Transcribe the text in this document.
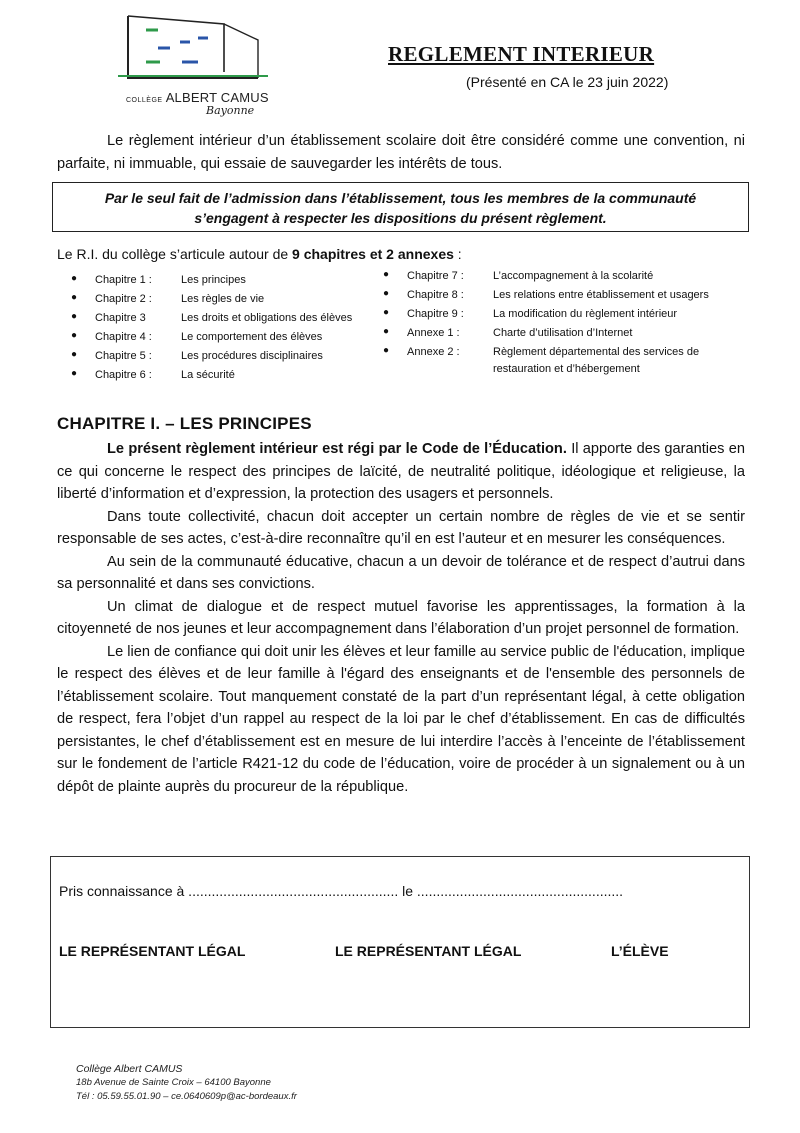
COLLÈGE ALBERT CAMUS
Bayonne
REGLEMENT INTERIEUR
(Présenté en CA le 23 juin 2022)
Le règlement intérieur d’un établissement scolaire doit être considéré comme une convention, ni parfaite, ni immuable, qui essaie de sauvegarder les intérêts de tous.
Par le seul fait de l’admission dans l’établissement, tous les membres de la communauté
s’engagent à respecter les dispositions du présent règlement.
Le R.I. du collège s’articule autour de 9 chapitres et 2 annexes :
● Chapitre 1 :	Les principes
● Chapitre 2 :	Les règles de vie
● Chapitre 3	Les droits et obligations des élèves
● Chapitre 4 :	Le comportement des élèves
● Chapitre 5 :	Les procédures disciplinaires
● Chapitre 6 :	La sécurité
● Chapitre 7 :	L’accompagnement à la scolarité
● Chapitre 8 :	Les relations entre établissement et usagers
● Chapitre 9 :	La modification du règlement intérieur
● Annexe 1 :	Charte d’utilisation d’Internet
● Annexe 2 :	Règlement départemental des services de
restauration et d’hébergement
CHAPITRE I. – LES PRINCIPES

Le présent règlement intérieur est régi par le Code de l’Éducation. Il apporte des garanties en ce qui concerne le respect des principes de laïcité, de neutralité politique, idéologique et religieuse, la liberté d’information et d’expression, la protection des usagers et personnels.

Dans toute collectivité, chacun doit accepter un certain nombre de règles de vie et se sentir responsable de ses actes, c’est-à-dire reconnaître qu’il en est l’auteur et en mesurer les conséquences.

Au sein de la communauté éducative, chacun a un devoir de tolérance et de respect d’autrui dans sa personnalité et dans ses convictions.

Un climat de dialogue et de respect mutuel favorise les apprentissages, la formation à la citoyenneté de nos jeunes et leur accompagnement dans l’élaboration d’un projet personnel de formation.

Le lien de confiance qui doit unir les élèves et leur famille au service public de l'éducation, implique le respect des élèves et de leur famille à l'égard des enseignants et de l'ensemble des personnels de l’établissement scolaire. Tout manquement constaté de la part d’un représentant légal, à cette obligation de respect, fera l’objet d’un rappel au respect de la loi par le chef d’établissement. En cas de difficultés persistantes, le chef d’établissement est en mesure de lui interdire l’accès à l’enceinte de l’établissement sur le fondement de l’article R421-12 du code de l’éducation, voire de procéder à un signalement ou à un dépôt de plainte auprès du procureur de la république.

Pris connaissance à ...................................................... le .....................................................
LE REPRÉSENTANT LÉGAL	LE REPRÉSENTANT LÉGAL	L’ÉLÈVE
Collège Albert CAMUS
18b Avenue de Sainte Croix – 64100 Bayonne
Tél : 05.59.55.01.90 – ce.0640609p@ac-bordeaux.fr
